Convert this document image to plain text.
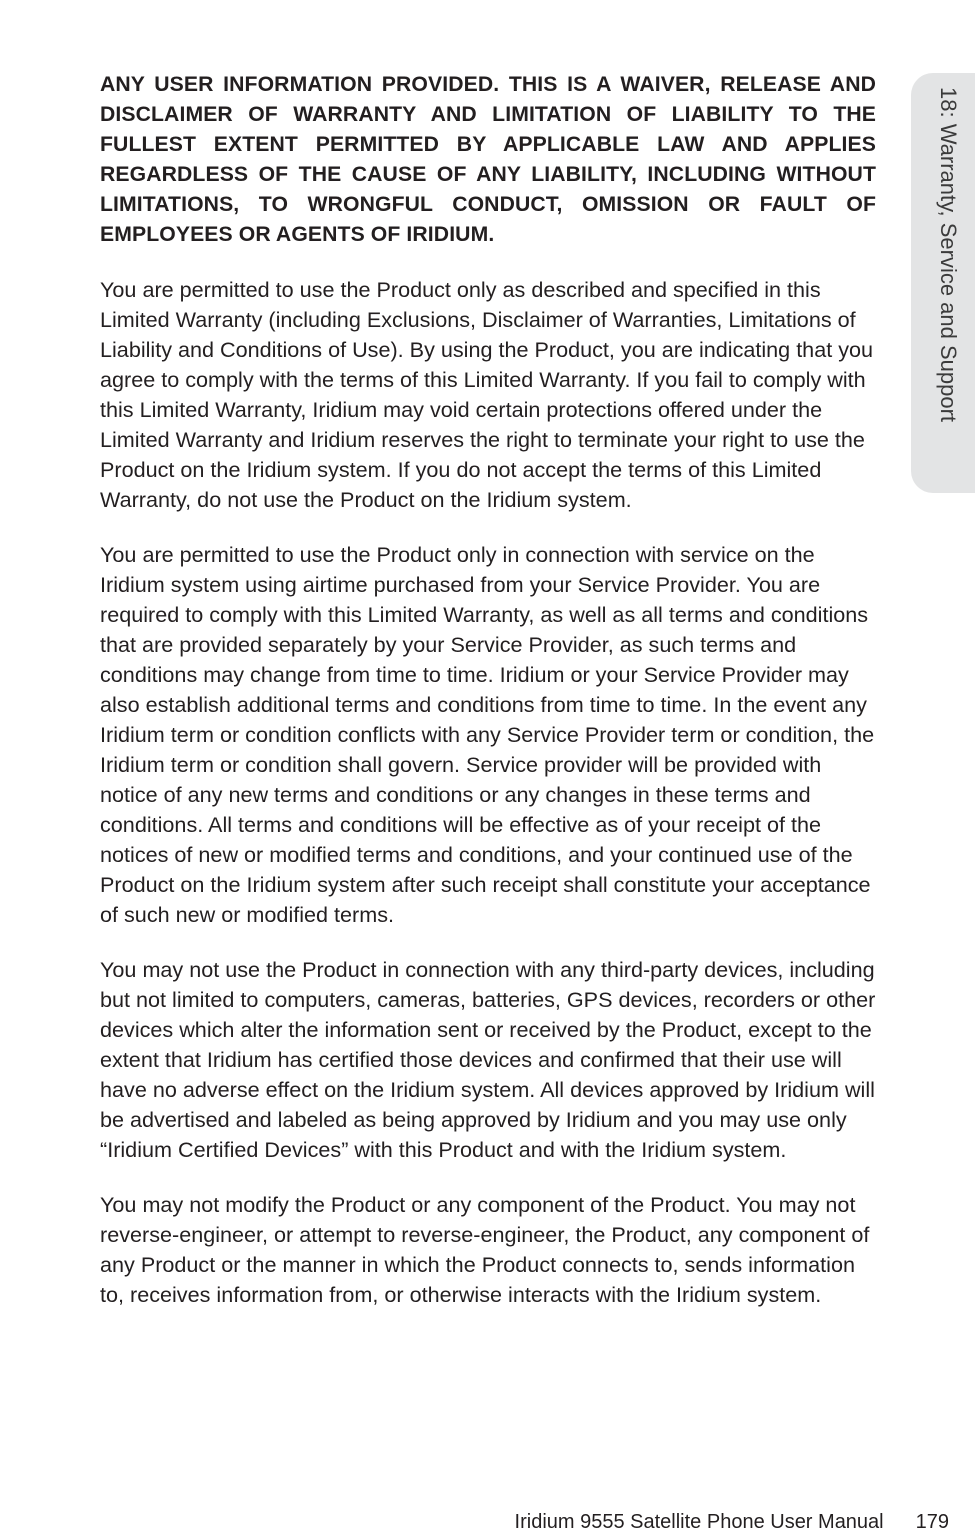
18: Warranty, Service and Support

ANY USER INFORMATION PROVIDED. THIS IS A WAIVER, RELEASE AND DISCLAIMER OF WARRANTY AND LIMITATION OF LIABILITY TO THE FULLEST EXTENT PERMITTED BY APPLICABLE LAW AND APPLIES REGARDLESS OF THE CAUSE OF ANY LIABILITY, INCLUDING WITHOUT LIMITATIONS, TO WRONGFUL CONDUCT, OMISSION OR FAULT OF EMPLOYEES OR AGENTS OF IRIDIUM.

You are permitted to use the Product only as described and specified in this Limited Warranty (including Exclusions, Disclaimer of Warranties, Limitations of Liability and Conditions of Use). By using the Product, you are indicating that you agree to comply with the terms of this Limited Warranty. If you fail to comply with this Limited Warranty, Iridium may void certain protections offered under the Limited Warranty and Iridium reserves the right to terminate your right to use the Product on the Iridium system. If you do not accept the terms of this Limited Warranty, do not use the Product on the Iridium system.

You are permitted to use the Product only in connection with service on the Iridium system using airtime purchased from your Service Provider. You are required to comply with this Limited Warranty, as well as all terms and conditions that are provided separately by your Service Provider, as such terms and conditions may change from time to time. Iridium or your Service Provider may also establish additional terms and conditions from time to time. In the event any Iridium term or condition conflicts with any Service Provider term or condition, the Iridium term or condition shall govern. Service provider will be provided with notice of any new terms and conditions or any changes in these terms and conditions. All terms and conditions will be effective as of your receipt of the notices of new or modified terms and conditions, and your continued use of the Product on the Iridium system after such receipt shall constitute your acceptance of such new or modified terms.

You may not use the Product in connection with any third-party devices, including but not limited to computers, cameras, batteries, GPS devices, recorders or other devices which alter the information sent or received by the Product, except to the extent that Iridium has certified those devices and confirmed that their use will have no adverse effect on the Iridium system. All devices approved by Iridium will be advertised and labeled as being approved by Iridium and you may use only “Iridium Certified Devices” with this Product and with the Iridium system.

You may not modify the Product or any component of the Product. You may not reverse-engineer, or attempt to reverse-engineer, the Product, any component of any Product or the manner in which the Product connects to, sends information to, receives information from, or otherwise interacts with the Iridium system.

Iridium 9555 Satellite Phone User Manual 179
